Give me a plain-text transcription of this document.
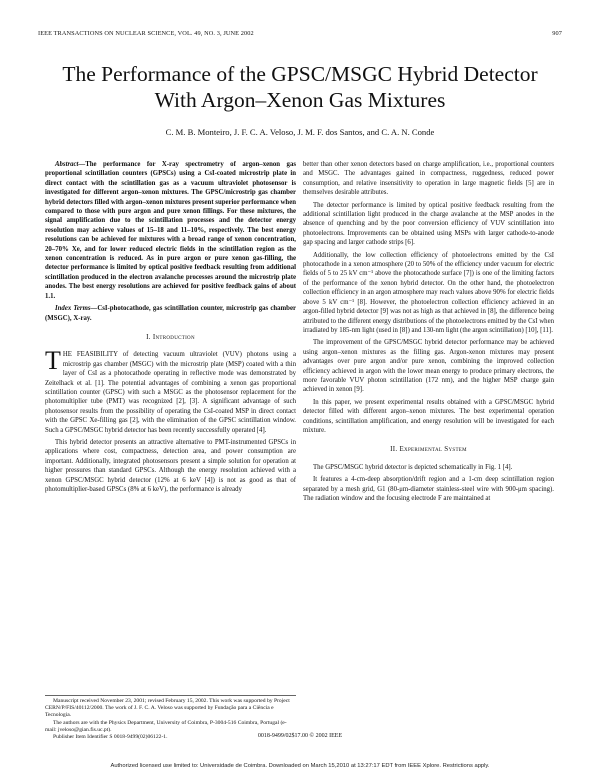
IEEE TRANSACTIONS ON NUCLEAR SCIENCE, VOL. 49, NO. 3, JUNE 2002	907
The Performance of the GPSC/MSGC Hybrid Detector With Argon–Xenon Gas Mixtures
C. M. B. Monteiro, J. F. C. A. Veloso, J. M. F. dos Santos, and C. A. N. Conde

Abstract—The performance for X-ray spectrometry of argon–xenon gas proportional scintillation counters (GPSCs) using a CsI-coated microstrip plate in direct contact with the scintillation gas as a vacuum ultraviolet photosensor is investigated for different argon–xenon mixtures. The GPSC/microstrip gas chamber hybrid detectors filled with argon–xenon mixtures present superior performance when compared to those with pure argon and pure xenon fillings. For these mixtures, the signal amplification due to the scintillation processes and the detector energy resolution may achieve values of 15–18 and 11–10%, respectively. The best energy resolutions can be achieved for mixtures with a broad range of xenon concentration, 20–70% Xe, and for lower reduced electric fields in the scintillation region as the xenon concentration is reduced. As in pure argon or pure xenon gas-filling, the detector performance is limited by optical positive feedback resulting from additional scintillation produced in the electron avalanche processes around the microstrip plate anodes. The best energy resolutions are achieved for positive feedback gains of about 1.1.

Index Terms—CsI-photocathode, gas scintillation counter, microstrip gas chamber (MSGC), X-ray.

I. Introduction

THE FEASIBILITY of detecting vacuum ultraviolet (VUV) photons using a microstrip gas chamber (MSGC) with the microstrip plate (MSP) coated with a thin layer of CsI as a photocathode operating in reflective mode was demonstrated by Zeitelhack et al. [1]. The potential advantages of combining a xenon gas proportional scintillation counter (GPSC) with such a MSGC as the photosensor replacement for the photomultiplier tube (PMT) was recognized [2], [3]. A significant advantage of such photosensor results from the possibility of operating the CsI-coated MSP in direct contact with the GPSC Xe-filling gas [2], with the elimination of the GPSC scintillation window. Such a GPSC/MSGC hybrid detector has been recently successfully operated [4].

This hybrid detector presents an attractive alternative to PMT-instrumented GPSCs in applications where cost, compactness, detection area, and power consumption are important. Additionally, integrated photosensors present a simple solution for operation at higher pressures than standard GPSCs. Although the energy resolution achieved with a xenon GPSC/MSGC hybrid detector (12% at 6 keV [4]) is not as good as that of photomultiplier-based GPSCs (8% at 6 keV), the performance is already

Manuscript received November 23, 2001; revised February 15, 2002. This work was supported by Project CERN/P/FIS/40112/2000. The work of J. F. C. A. Veloso was supported by Fundação para a Ciência e Tecnologia.
The authors are with the Physics Department, University of Coimbra, P-3004-516 Coimbra, Portugal (e-mail: jveloso@gian.fis.uc.pt).
Publisher Item Identifier S 0018-9499(02)06122-1.

better than other xenon detectors based on charge amplification, i.e., proportional counters and MSGC. The advantages gained in compactness, ruggedness, reduced power consumption, and relative insensitivity to operation in large magnetic fields [5] are in themselves desirable attributes.

The detector performance is limited by optical positive feedback resulting from the additional scintillation light produced in the charge avalanche at the MSP anodes in the absence of quenching and by the poor conversion efficiency of VUV scintillation into photoelectrons. Improvements can be obtained using MSPs with larger cathode-to-anode gap spacing and larger cathode strips [6].

Additionally, the low collection efficiency of photoelectrons emitted by the CsI photocathode in a xenon atmosphere (20 to 50% of the efficiency under vacuum for electric fields of 5 to 25 kV cm⁻¹ above the photocathode surface [7]) is one of the limiting factors of the performance of the xenon hybrid detector. On the other hand, the photoelectron collection efficiency in an argon atmosphere may reach values above 90% for electric fields above 5 kV cm⁻¹ [8]. However, the photoelectron collection efficiency achieved in an argon-filled hybrid detector [9] was not as high as that achieved in [8], the difference being attributed to the different energy distributions of the photoelectrons emitted by the CsI when irradiated by 185-nm light (used in [8]) and 130-nm light (the argon scintillation) [10], [11].

The improvement of the GPSC/MSGC hybrid detector performance may be achieved using argon–xenon mixtures as the filling gas. Argon-xenon mixtures may present advantages over pure argon and/or pure xenon, combining the improved collection efficiency achieved in argon with the lower mean energy to produce primary electrons, the more favorable VUV photon scintillation (172 nm), and the higher MSP charge gain achieved in xenon [9].

In this paper, we present experimental results obtained with a GPSC/MSGC hybrid detector filled with different argon–xenon mixtures. The best experimental operation conditions, scintillation amplification, and energy resolution will be investigated for each mixture.

II. Experimental System

The GPSC/MSGC hybrid detector is depicted schematically in Fig. 1 [4].

It features a 4-cm-deep absorption/drift region and a 1-cm deep scintillation region separated by a mesh grid, G1 (80-μm-diameter stainless-steel wire with 900-μm spacing). The radiation window and the focusing electrode F are maintained at

0018-9499/02$17.00 © 2002 IEEE
Authorized licensed use limited to: Universidade de Coimbra. Downloaded on March 15,2010 at 13:27:17 EDT from IEEE Xplore. Restrictions apply.
